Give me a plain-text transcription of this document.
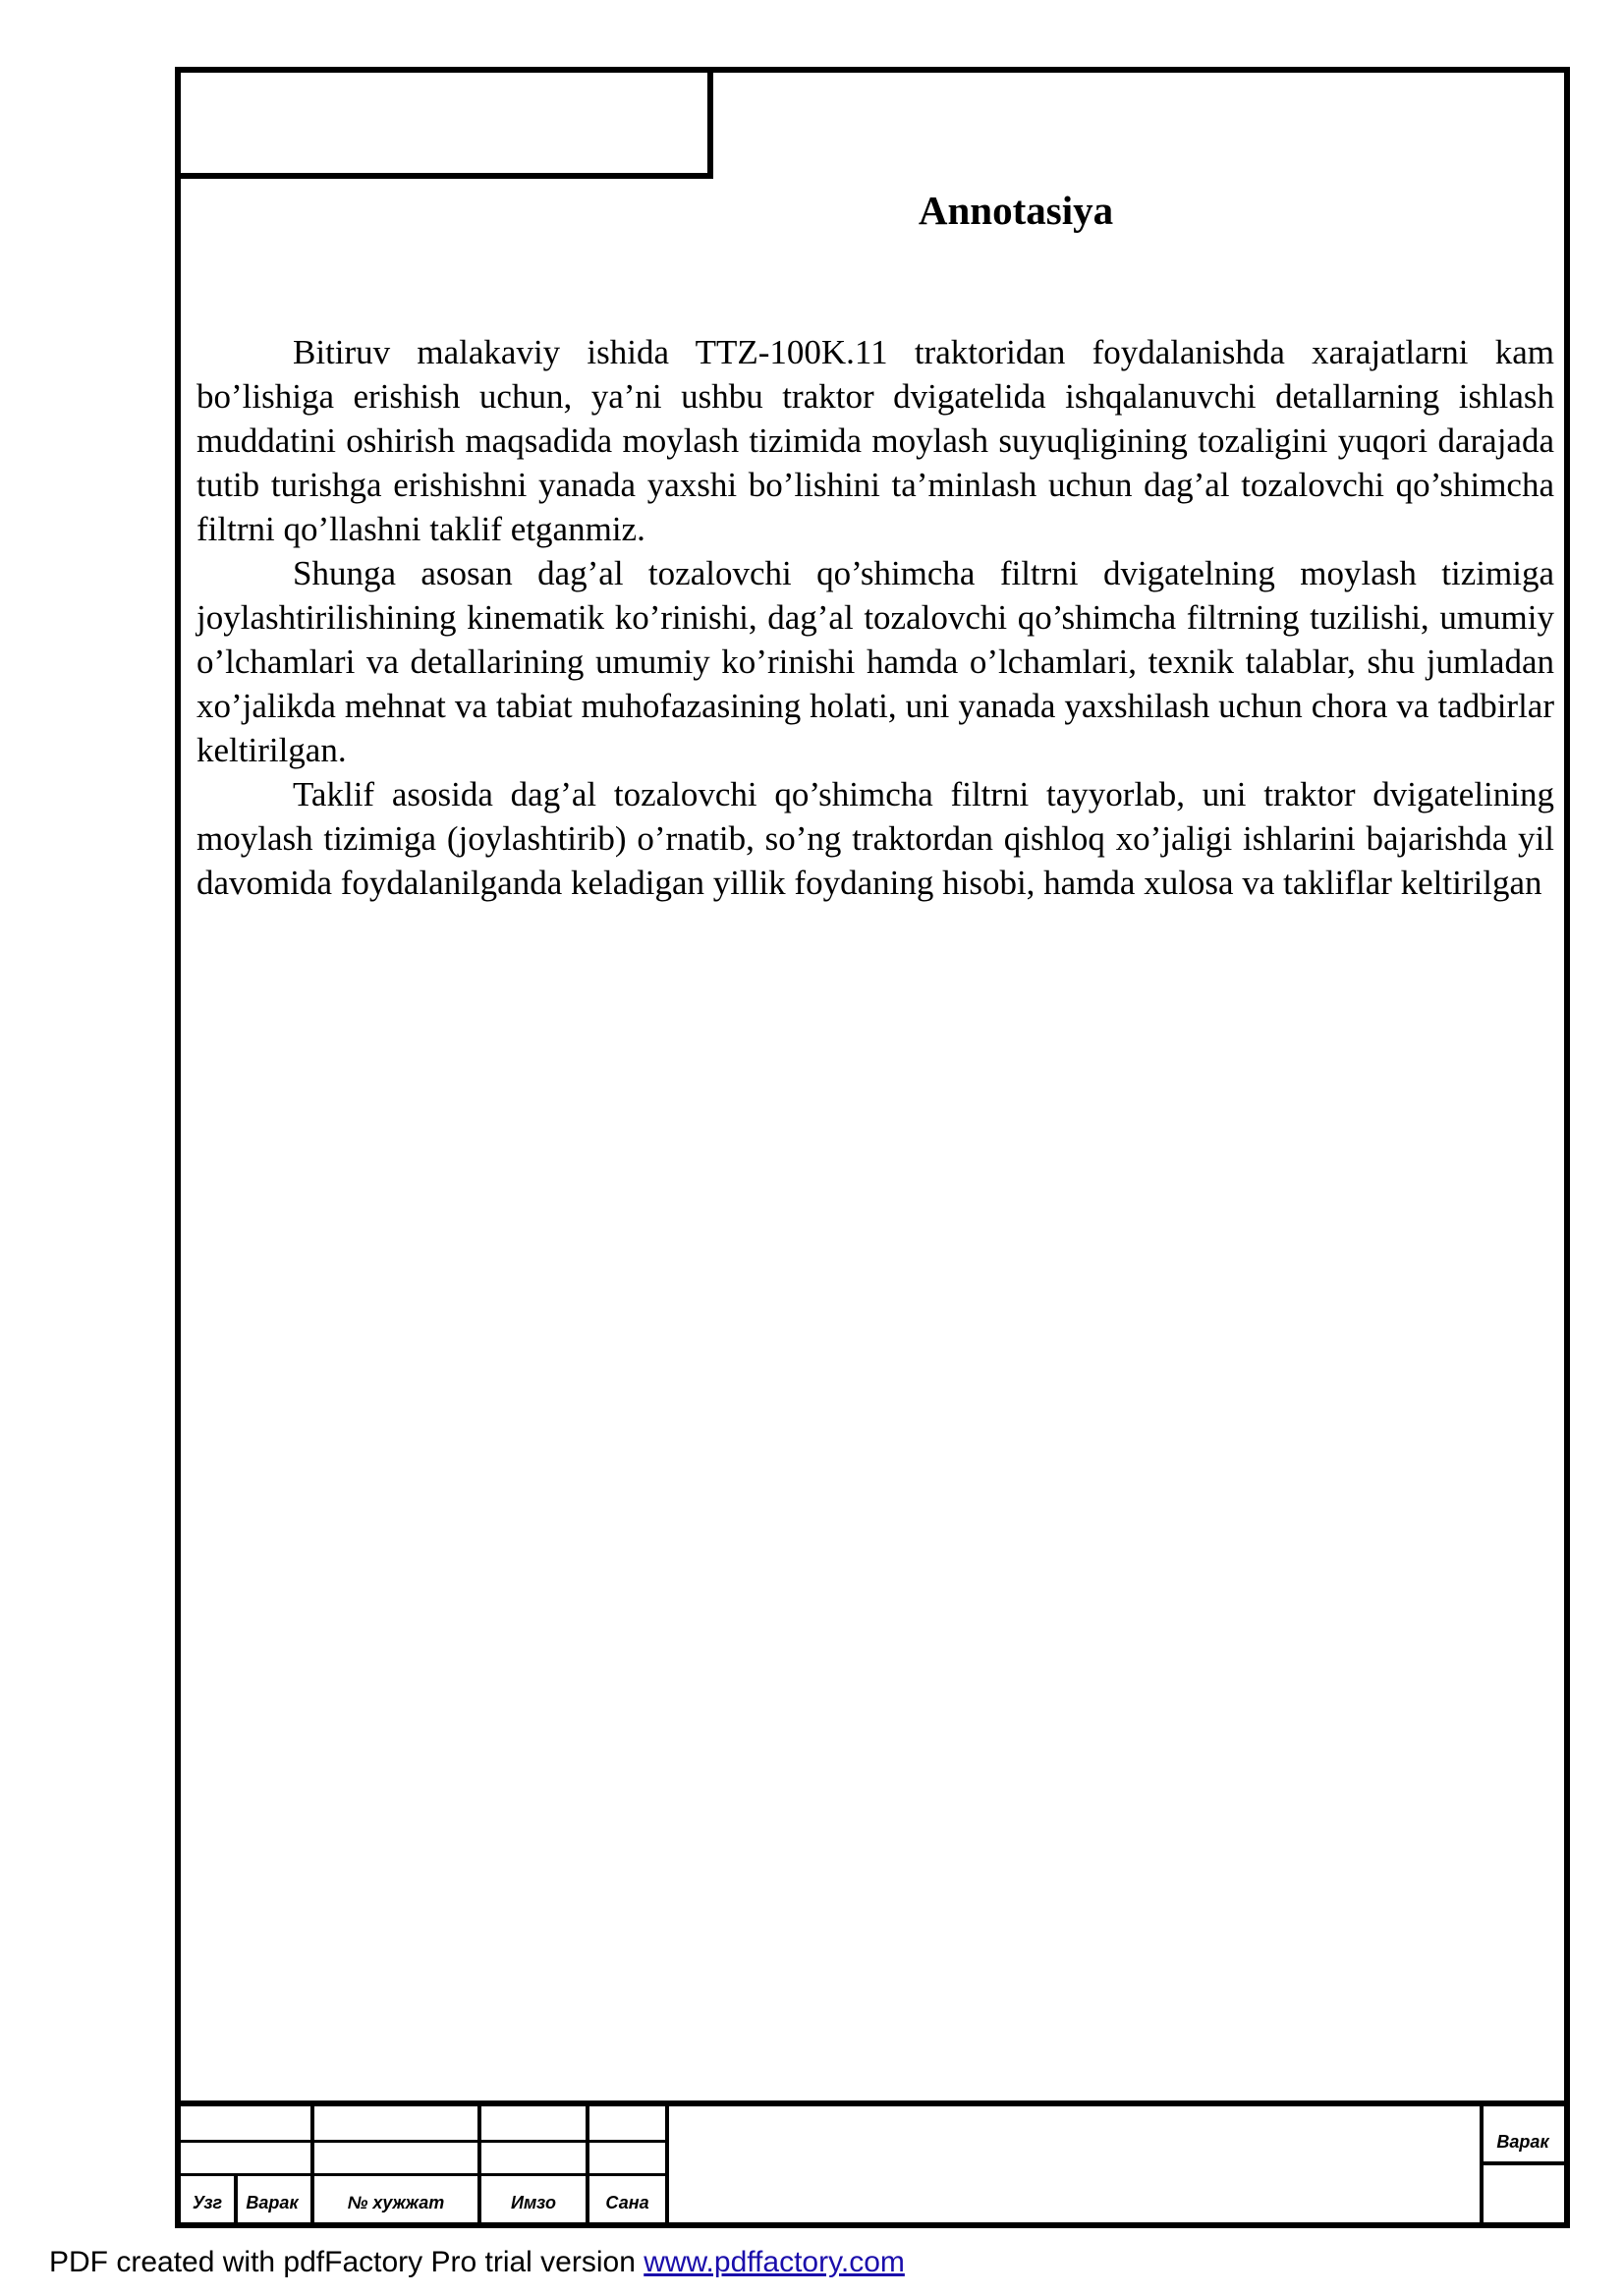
Annotasiya

Bitiruv malakaviy ishida TTZ-100K.11 traktoridan foydalanishda xarajatlarni kam bo’lishiga erishish uchun, ya’ni ushbu traktor dvigatelida ishqalanuvchi detallarning ishlash muddatini oshirish maqsadida moylash tizimida moylash suyuqligining tozaligini yuqori darajada tutib turishga erishishni yanada yaxshi bo’lishini ta’minlash uchun dag’al tozalovchi qo’shimcha filtrni qo’llashni taklif etganmiz.

Shunga asosan dag’al tozalovchi qo’shimcha filtrni dvigatelning moylash tizimiga joylashtirilishining kinematik ko’rinishi, dag’al tozalovchi qo’shimcha filtrning tuzilishi, umumiy o’lchamlari va detallarining umumiy ko’rinishi hamda o’lchamlari, texnik talablar, shu jumladan xo’jalikda mehnat va tabiat muhofazasining holati, uni yanada yaxshilash uchun chora va tadbirlar keltirilgan.

Taklif asosida dag’al tozalovchi qo’shimcha filtrni tayyorlab, uni traktor dvigatelining moylash tizimiga (joylashtirib) o’rnatib, so’ng traktordan qishloq xo’jaligi ishlarini bajarishda yil davomida foydalanilganda keladigan yillik foydaning hisobi, hamda xulosa va takliflar keltirilgan

Узг	Варак	№ хужжат	Имзо	Сана
Варак
PDF created with pdfFactory Pro trial version www.pdffactory.com
